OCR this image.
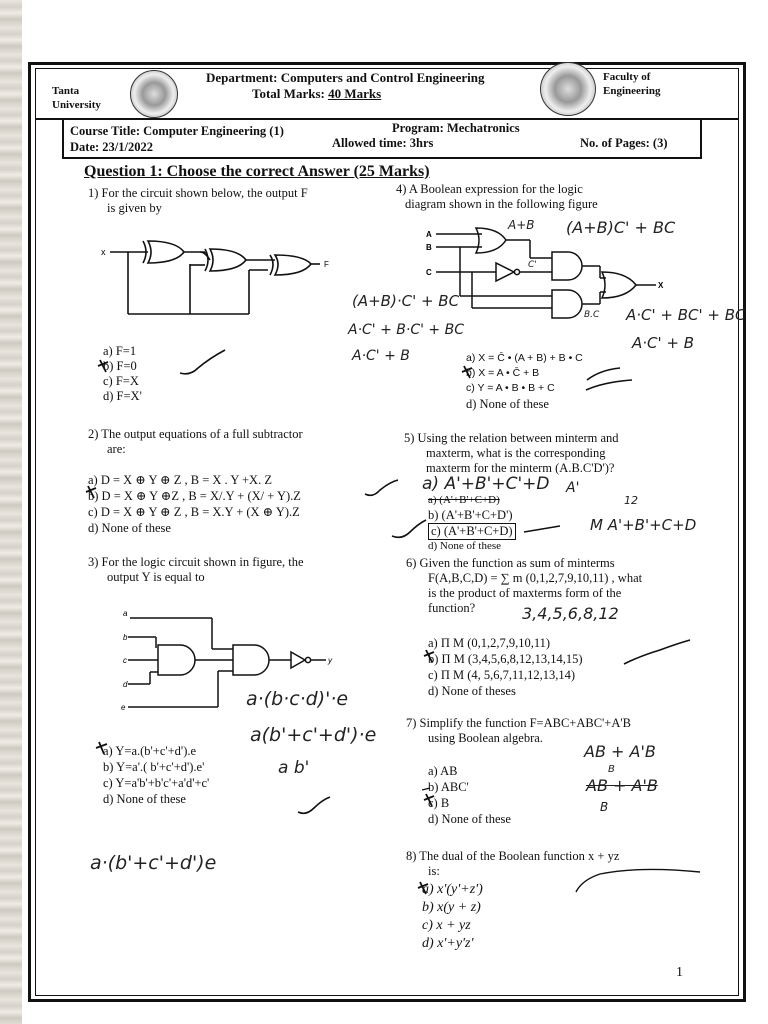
Tanta University
Department: Computers and Control Engineering
Total Marks: 40 Marks
Faculty of Engineering
Course Title: Computer Engineering (1)	Program: Mechatronics
Date: 23/1/2022	Allowed time: 3hrs	No. of Pages: (3)
Question 1: Choose the correct Answer (25 Marks)
1) For the circuit shown below, the output F
is given by
x
F
a) F=1
b) F=0
c) F=X
d) F=X'
2) The output equations of a full subtractor
are:
a) D = X ⊕ Y ⊕ Z , B = X . Y +X. Z
b) D = X ⊕ Y ⊕Z , B = X/.Y + (X/ + Y).Z
c) D = X ⊕ Y ⊕ Z , B = X.Y + (X ⊕ Y).Z
d) None of these
3) For the logic circuit shown in figure, the
output Y is equal to
a
b
c
d
e
y
a·(b·c·d)'·e
a(b'+c'+d')·e
a b'
a) Y=a.(b'+c'+d').e
b) Y=a'.( b'+c'+d').e'
c) Y=a'b'+b'c'+a'd'+c'
d) None of these
a·(b'+c'+d')e
4) A Boolean expression for the logic
diagram shown in the following figure
A
B
C
X
A+B (A+B)C' + BC
C'
B.C
(A+B)·C' + BC
A·C' + B·C' + BC
A·C' + B
A·C' + BC' + BC
A·C' + B
a) X = C̄ • (A + B) + B • C
b) X = A • C̄ + B
c) Y = A • B • B + C
d) None of these
5) Using the relation between minterm and
maxterm, what is the corresponding
maxterm for the minterm (A.B.C'D')?
a) A'+B'+C'+D A'
12
a) (A'+B'+C+D)
b) (A'+B'+C+D')
c) (A'+B'+C+D)
d) None of these
M A'+B'+C+D
6) Given the function as sum of minterms
F(A,B,C,D) = ∑ m (0,1,2,7,9,10,11) , what
is the product of maxterms form of the
function?	3,4,5,6,8,12
a) Π M (0,1,2,7,9,10,11)
b) Π M (3,4,5,6,8,12,13,14,15)
c) Π M (4, 5,6,7,11,12,13,14)
d) None of theses
7) Simplify the function F=ABC+ABC'+A'B
using Boolean algebra.
AB + A'B
B
AB + A'B
B
a) AB
b) ABC'
c) B
d) None of these
8) The dual of the Boolean function x + yz
is:
a) x'(y'+z')
b) x(y + z)
c) x + yz
d) x'+y'z'
1
